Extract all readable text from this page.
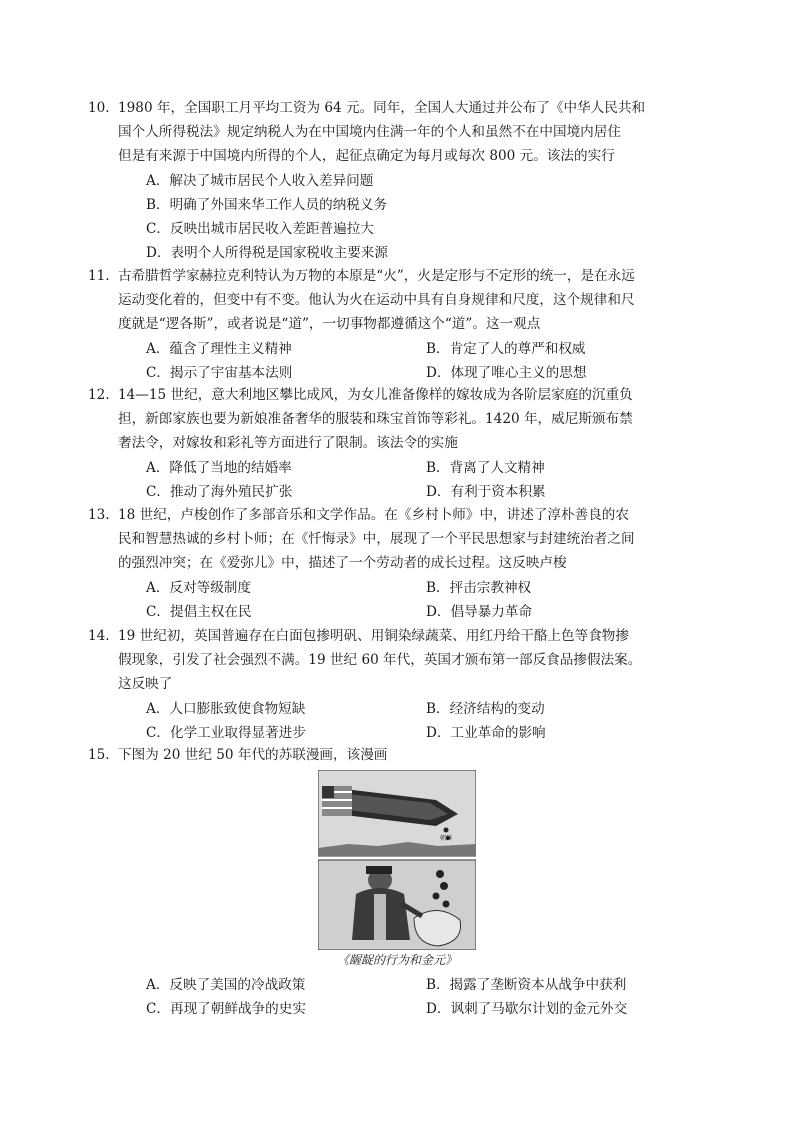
10. 1980 年，全国职工月平均工资为 64 元。同年，全国人大通过并公布了《中华人民共和
国个人所得税法》规定纳税人为在中国境内住满一年的个人和虽然不在中国境内居住
但是有来源于中国境内所得的个人，起征点确定为每月或每次 800 元。该法的实行
A．解决了城市居民个人收入差异问题
B．明确了外国来华工作人员的纳税义务
C．反映出城市居民收入差距普遍拉大
D．表明个人所得税是国家税收主要来源
11. 古希腊哲学家赫拉克利特认为万物的本原是“火”，火是定形与不定形的统一，是在永远
运动变化着的，但变中有不变。他认为火在运动中具有自身规律和尺度，这个规律和尺
度就是“逻各斯”，或者说是“道”，一切事物都遵循这个“道”。这一观点
A．蕴含了理性主义精神	B．肯定了人的尊严和权威
C．揭示了宇宙基本法则	D．体现了唯心主义的思想
12. 14—15 世纪，意大利地区攀比成风，为女儿准备像样的嫁妆成为各阶层家庭的沉重负
担，新郎家族也要为新娘准备奢华的服装和珠宝首饰等彩礼。1420 年，威尼斯颁布禁
奢法令，对嫁妆和彩礼等方面进行了限制。该法令的实施
A．降低了当地的结婚率	B．背离了人文精神
C．推动了海外殖民扩张	D．有利于资本积累
13. 18 世纪，卢梭创作了多部音乐和文学作品。在《乡村卜师》中，讲述了淳朴善良的农
民和智慧热诚的乡村卜师；在《忏悔录》中，展现了一个平民思想家与封建统治者之间
的强烈冲突；在《爱弥儿》中，描述了一个劳动者的成长过程。这反映卢梭
A．反对等级制度	B．抨击宗教神权
C．提倡主权在民	D．倡导暴力革命
14. 19 世纪初，英国普遍存在白面包掺明矾、用铜染绿蔬菜、用红丹给干酪上色等食物掺
假现象，引发了社会强烈不满。19 世纪 60 年代，英国才颁布第一部反食品掺假法案。
这反映了
A．人口膨胀致使食物短缺	B．经济结构的变动
C．化学工业取得显著进步	D．工业革命的影响
15. 下图为 20 世纪 50 年代的苏联漫画，该漫画
朝鲜
《龌龊的行为和金元》
A．反映了美国的冷战政策	B．揭露了垄断资本从战争中获利
C．再现了朝鲜战争的史实	D．讽刺了马歇尔计划的金元外交
